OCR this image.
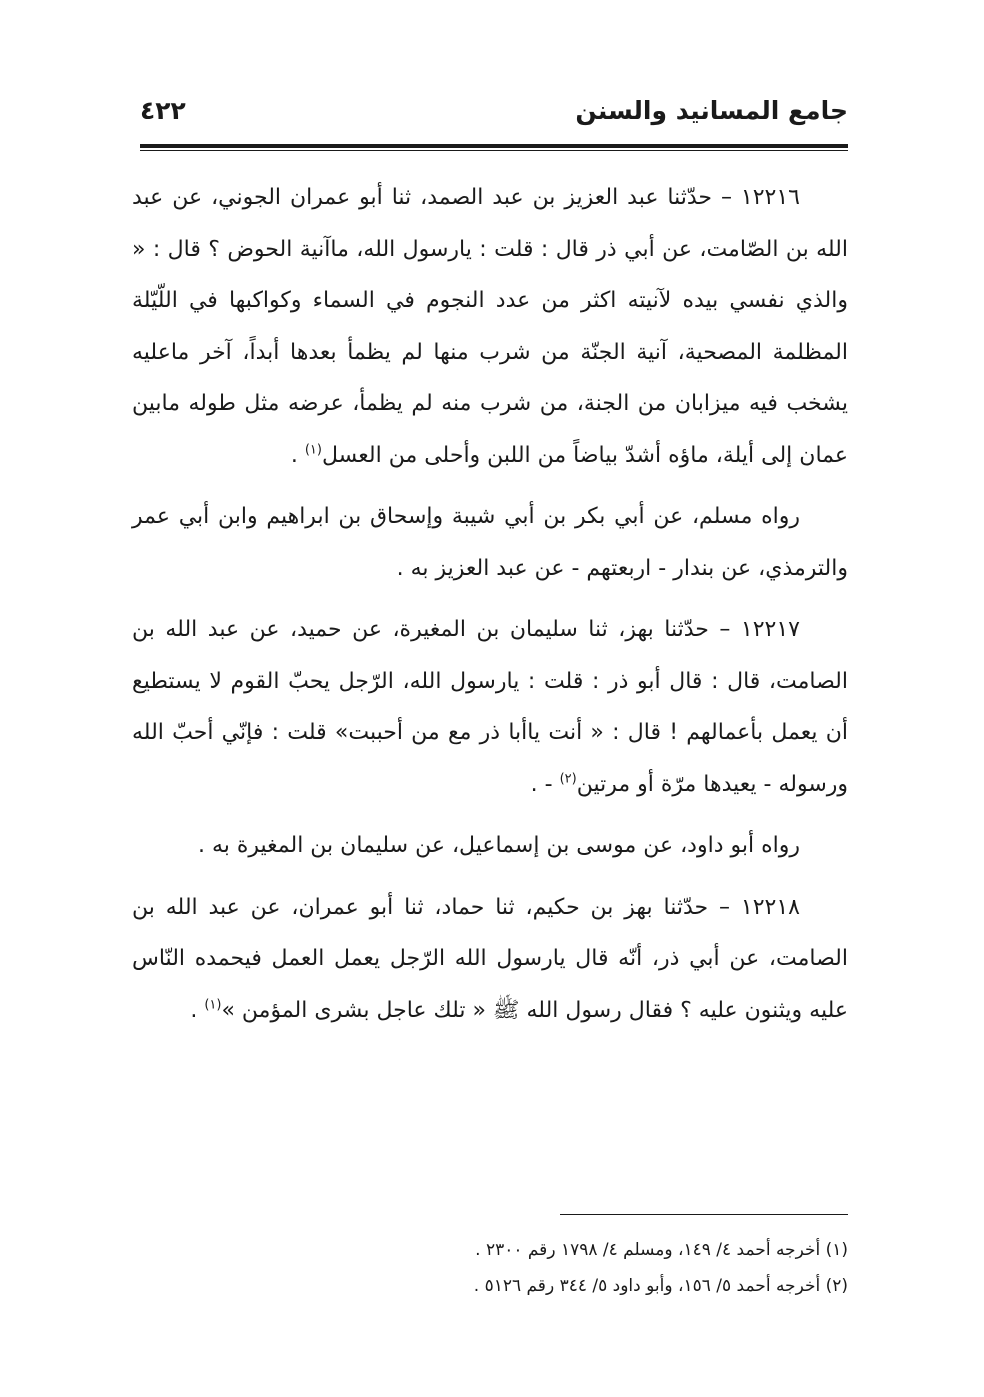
جامع المسانيد والسنن
٤٢٢

١٢٢١٦ – حدّثنا عبد العزيز بن عبد الصمد، ثنا أبو عمران الجوني، عن عبد الله بن الصّامت، عن أبي ذر قال : قلت : يارسول الله، ماآنية الحوض ؟ قال : « والذي نفسي بيده لآنيته اكثر من عدد النجوم في السماء وكواكبها في اللّيّلة المظلمة المصحية، آنية الجنّة من شرب منها لم يظمأ بعدها أبداً، آخر ماعليه يشخب فيه ميزابان من الجنة، من شرب منه لم يظمأ، عرضه مثل طوله مابين عمان إلى أيلة، ماؤه أشدّ بياضاً من اللبن وأحلى من العسل$^{(١)}$ .

رواه مسلم، عن أبي بكر بن أبي شيبة وإسحاق بن ابراهيم وابن أبي عمر والترمذي، عن بندار - اربعتهم - عن عبد العزيز به .

١٢٢١٧ – حدّثنا بهز، ثنا سليمان بن المغيرة، عن حميد، عن عبد الله بن الصامت، قال : قال أبو ذر : قلت : يارسول الله، الرّجل يحبّ القوم لا يستطيع أن يعمل بأعمالهم ! قال : « أنت ياأبا ذر مع من أحببت» قلت : فإنّي أحبّ الله ورسوله - يعيدها مرّة أو مرتين$^{(٢)}$ - .

رواه أبو داود، عن موسى بن إسماعيل، عن سليمان بن المغيرة به .

١٢٢١٨ – حدّثنا بهز بن حكيم، ثنا حماد، ثنا أبو عمران، عن عبد الله بن الصامت، عن أبي ذر، أنّه قال يارسول الله الرّجل يعمل العمل فيحمده النّاس عليه ويثنون عليه ؟ فقال رسول الله ﷺ « تلك عاجل بشرى المؤمن »$^{(١)}$ .

(١) أخرجه أحمد ٤/ ١٤٩، ومسلم ٤/ ١٧٩٨ رقم ٢٣٠٠ .

(٢) أخرجه أحمد ٥/ ١٥٦، وأبو داود ٥/ ٣٤٤ رقم ٥١٢٦ .
